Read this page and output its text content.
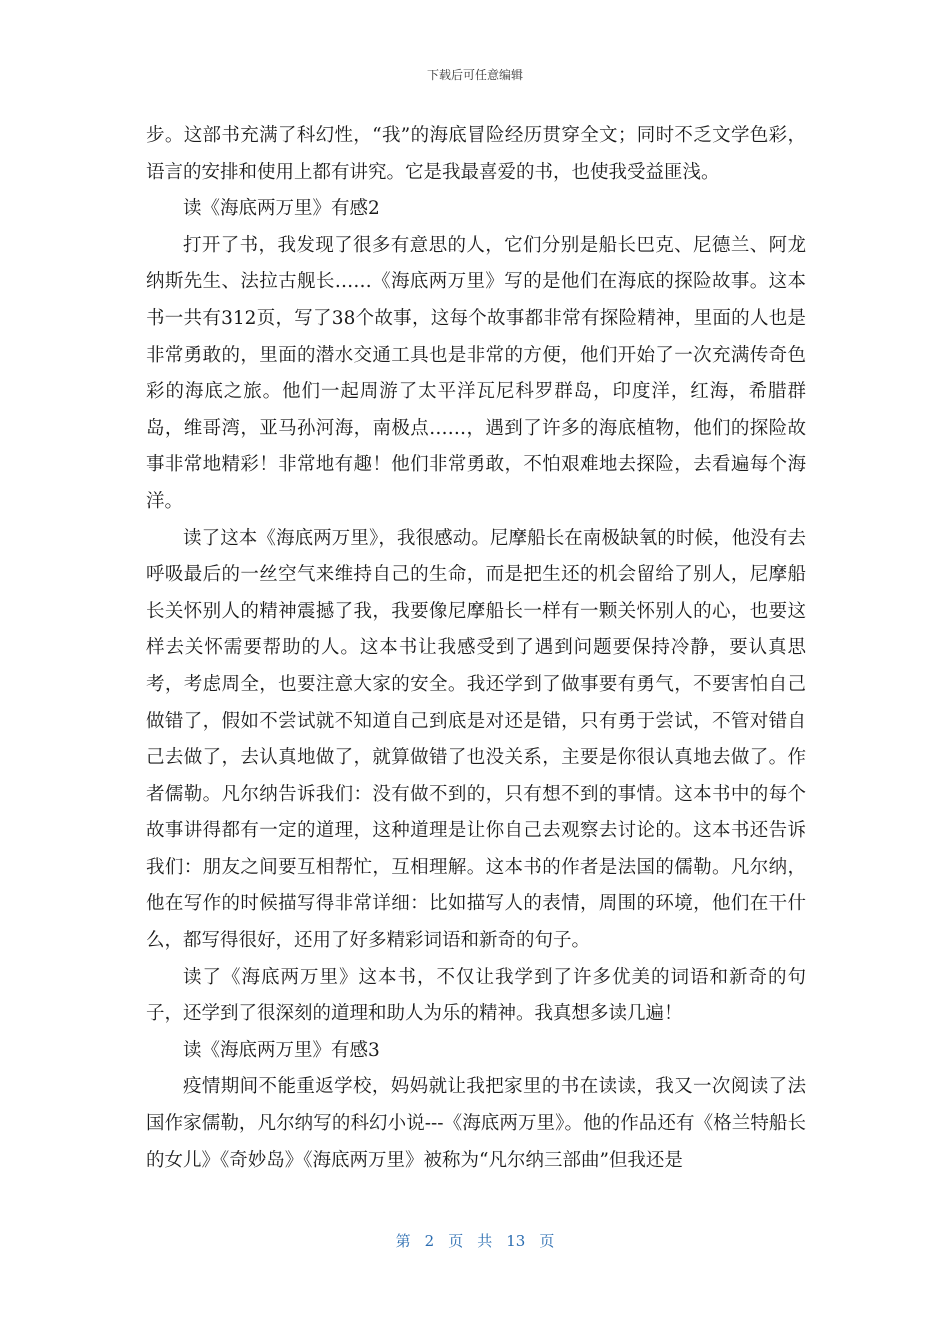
下载后可任意编辑

步。这部书充满了科幻性，“我”的海底冒险经历贯穿全文；同时不乏文学色彩，语言的安排和使用上都有讲究。它是我最喜爱的书，也使我受益匪浅。

读《海底两万里》有感2

打开了书，我发现了很多有意思的人，它们分别是船长巴克、尼德兰、阿龙纳斯先生、法拉古舰长……《海底两万里》写的是他们在海底的探险故事。这本书一共有312页，写了38个故事，这每个故事都非常有探险精神，里面的人也是非常勇敢的，里面的潜水交通工具也是非常的方便，他们开始了一次充满传奇色彩的海底之旅。他们一起周游了太平洋瓦尼科罗群岛，印度洋，红海，希腊群岛，维哥湾，亚马孙河海，南极点……，遇到了许多的海底植物，他们的探险故事非常地精彩！非常地有趣！他们非常勇敢，不怕艰难地去探险，去看遍每个海洋。

读了这本《海底两万里》，我很感动。尼摩船长在南极缺氧的时候，他没有去呼吸最后的一丝空气来维持自己的生命，而是把生还的机会留给了别人，尼摩船长关怀别人的精神震撼了我，我要像尼摩船长一样有一颗关怀别人的心，也要这样去关怀需要帮助的人。这本书让我感受到了遇到问题要保持冷静，要认真思考，考虑周全，也要注意大家的安全。我还学到了做事要有勇气，不要害怕自己做错了，假如不尝试就不知道自己到底是对还是错，只有勇于尝试，不管对错自己去做了，去认真地做了，就算做错了也没关系，主要是你很认真地去做了。作者儒勒。凡尔纳告诉我们：没有做不到的，只有想不到的事情。这本书中的每个故事讲得都有一定的道理，这种道理是让你自己去观察去讨论的。这本书还告诉我们：朋友之间要互相帮忙，互相理解。这本书的作者是法国的儒勒。凡尔纳，他在写作的时候描写得非常详细：比如描写人的表情，周围的环境，他们在干什么，都写得很好，还用了好多精彩词语和新奇的句子。

读了《海底两万里》这本书，不仅让我学到了许多优美的词语和新奇的句子，还学到了很深刻的道理和助人为乐的精神。我真想多读几遍！

读《海底两万里》有感3

疫情期间不能重返学校，妈妈就让我把家里的书在读读，我又一次阅读了法国作家儒勒，凡尔纳写的科幻小说---《海底两万里》。他的作品还有《格兰特船长的女儿》《奇妙岛》《海底两万里》被称为“凡尔纳三部曲”但我还是

第 2 页 共 13 页
